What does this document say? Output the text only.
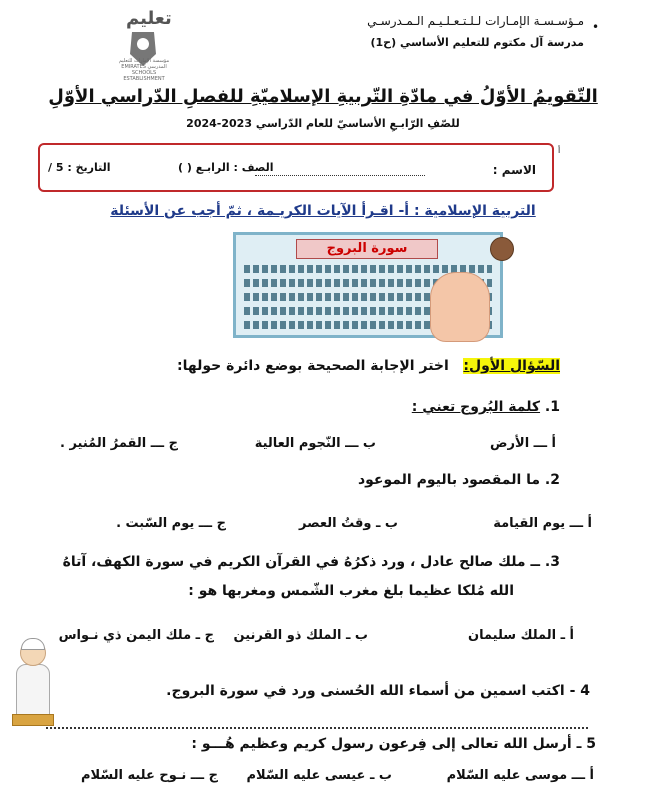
•
مـؤسـسـة الإمـارات لـلـتـعـلـيـم الـمـدرسـي
مدرسة آل مكتوم للتعليم الأساسي (ح1)
تعليم
مؤسسة الإمارات للتعليم المدرسي EMIRATES SCHOOLS ESTABLISHMENT
التّقويمُ الأوّلُ في مادّةِ التّربيةِ الإسلاميّةِ للفصلِ الدّراسي الأوّلِ
للصّفِ الرّابـعِ الأساسيّ للعام الدّراسي 2023-2024
أ
الاسم :
الصف : الرابـع ( )
التاريخ : 5 /
التربية الإسلامية : أ- اقـرأ الآيات الكريـمة ، ثمّ أجب عن الأسئلة
سورة البروج
السّؤال الأول:   اختر الإجابة الصحيحة بوضع دائرة حولها:
1. كلمة البُروج تعني :
أ ـــ الأرض
ب ـــ النّجوم العالية
ج ـــ القمرُ المُنير .
2. ما المقصود باليوم الموعود
أ ـــ يوم القيامة
ب ـ وقتُ العصر
ج ـــ يوم السّبت .
3. ــ ملك صالح عادل ، ورد ذكرُهُ في القرآن الكريم في سورة الكهف، آتاهُ
الله مُلكا عظيما بلغ مغرب الشّمس ومغربها هو :
أ ـ الملك سليمان
ب ـ الملك ذو القرنين
ج ـ ملك اليمن ذي نـواس
4 - اكتب اسمين من أسماء الله الحُسنى ورد في سورة البروج.
5 ـ أرسل الله تعالى إلى فِرعون رسول كريم وعظيم هُـــو :
أ ـــ موسى عليه السّلام
ب ـ عيسى عليه السّلام
ج ـــ نـوح عليه السّلام
